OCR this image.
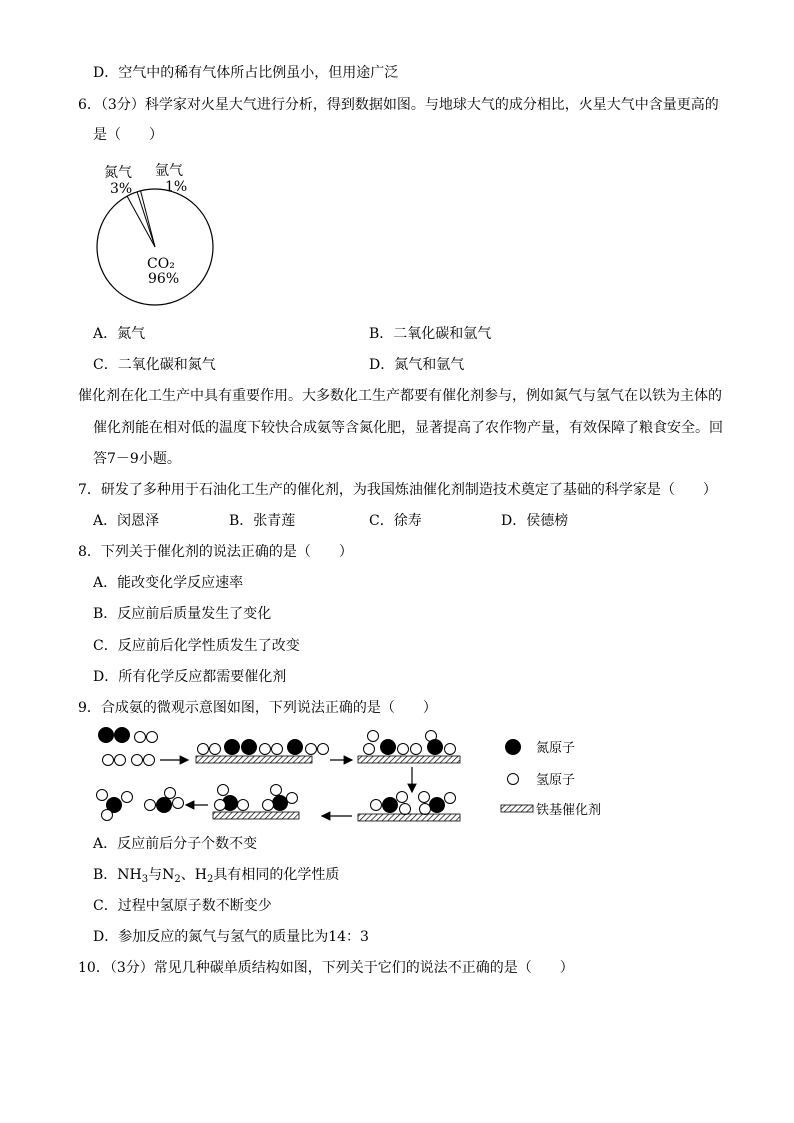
D．空气中的稀有气体所占比例虽小，但用途广泛
6．（3分）科学家对火星大气进行分析，得到数据如图。与地球大气的成分相比，火星大气中含量更高的
是（　　）
氮气
3%
氩气
1%
CO₂
96%
A．氮气	B．二氧化碳和氩气
C．二氧化碳和氮气	D．氮气和氩气
催化剂在化工生产中具有重要作用。大多数化工生产都要有催化剂参与，例如氮气与氢气在以铁为主体的
催化剂能在相对低的温度下较快合成氨等含氮化肥，显著提高了农作物产量，有效保障了粮食安全。回
答7－9小题。
7．研发了多种用于石油化工生产的催化剂，为我国炼油催化剂制造技术奠定了基础的科学家是（　　）
A．闵恩泽	B．张青莲	C．徐寿	D．侯德榜
8．下列关于催化剂的说法正确的是（　　）
A．能改变化学反应速率
B．反应前后质量发生了变化
C．反应前后化学性质发生了改变
D．所有化学反应都需要催化剂
9．合成氨的微观示意图如图，下列说法正确的是（　　）
氮原子
氢原子
铁基催化剂
A．反应前后分子个数不变
B．$NH_3$与$N_2$、$H_2$具有相同的化学性质
C．过程中氢原子数不断变少
D．参加反应的氮气与氢气的质量比为14：3
10．（3分）常见几种碳单质结构如图，下列关于它们的说法不正确的是（　　）
